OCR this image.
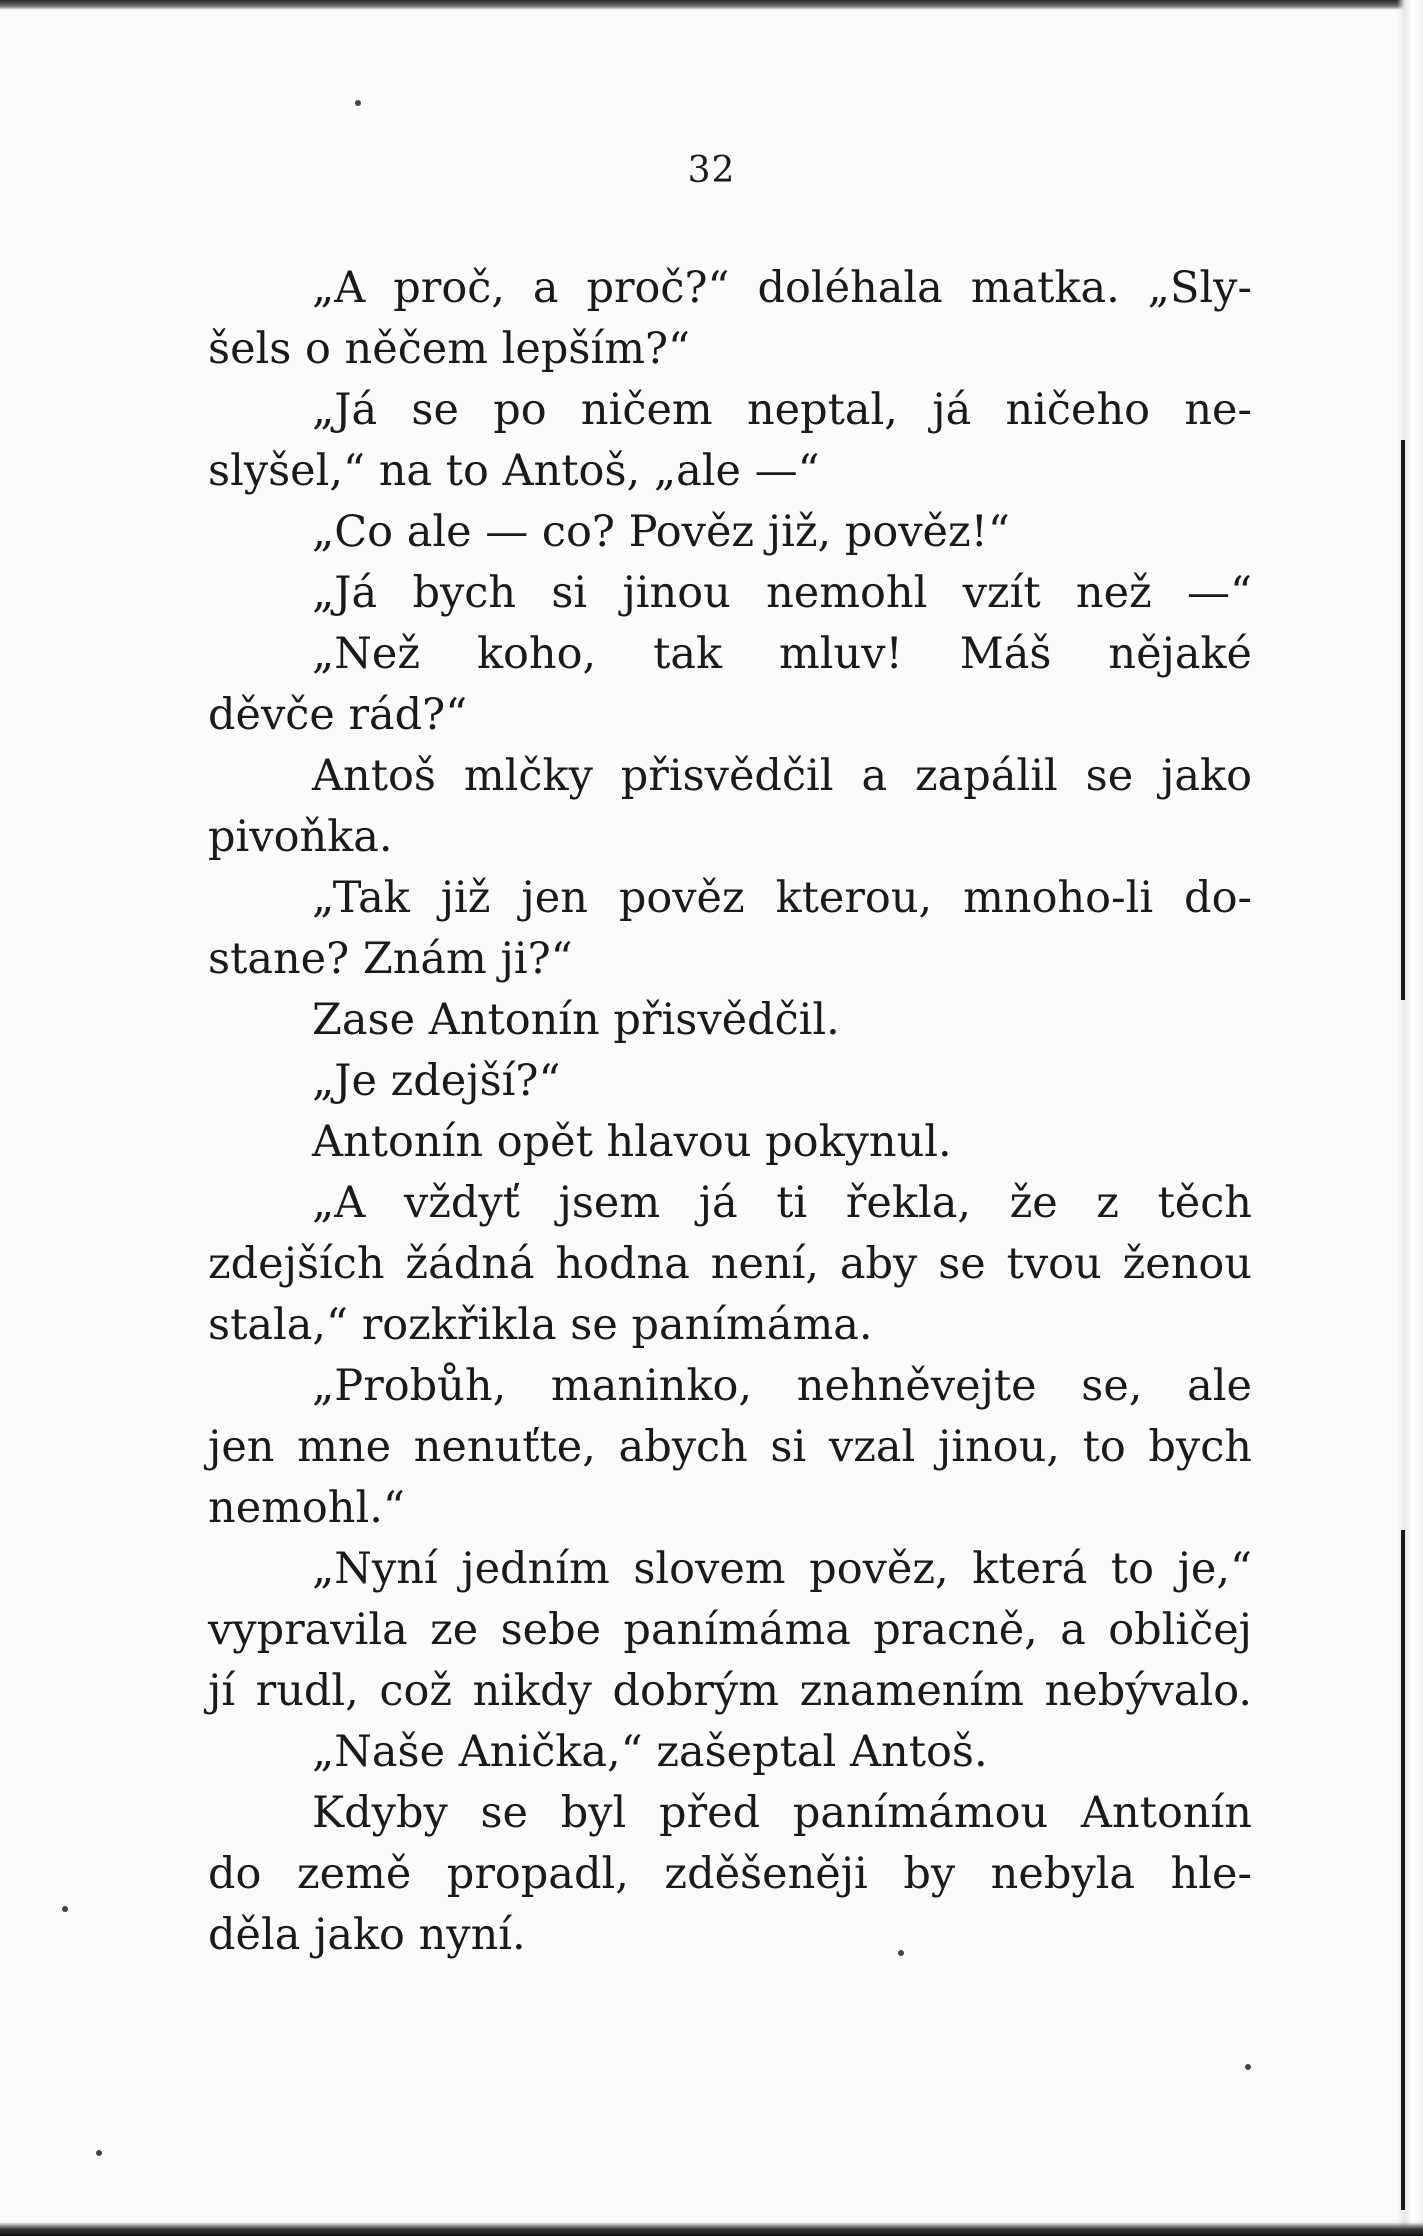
32
„A proč, a proč?“ doléhala matka. „Sly-
šels o něčem lepším?“
„Já se po ničem neptal, já ničeho ne-
slyšel,“ na to Antoš, „ale —“
„Co ale — co? Pověz již, pověz!“
„Já bych si jinou nemohl vzít než —“
„Než koho, tak mluv! Máš nějaké
děvče rád?“
Antoš mlčky přisvědčil a zapálil se jako
pivoňka.
„Tak již jen pověz kterou, mnoho-li do-
stane? Znám ji?“
Zase Antonín přisvědčil.
„Je zdejší?“
Antonín opět hlavou pokynul.
„A vždyť jsem já ti řekla, že z těch
zdejších žádná hodna není, aby se tvou ženou
stala,“ rozkřikla se panímáma.
„Probůh, maninko, nehněvejte se, ale
jen mne nenuťte, abych si vzal jinou, to bych
nemohl.“
„Nyní jedním slovem pověz, která to je,“
vypravila ze sebe panímáma pracně, a obličej
jí rudl, což nikdy dobrým znamením nebývalo.
„Naše Anička,“ zašeptal Antoš.
Kdyby se byl před panímámou Antonín
do země propadl, zděšeněji by nebyla hle-
děla jako nyní.
